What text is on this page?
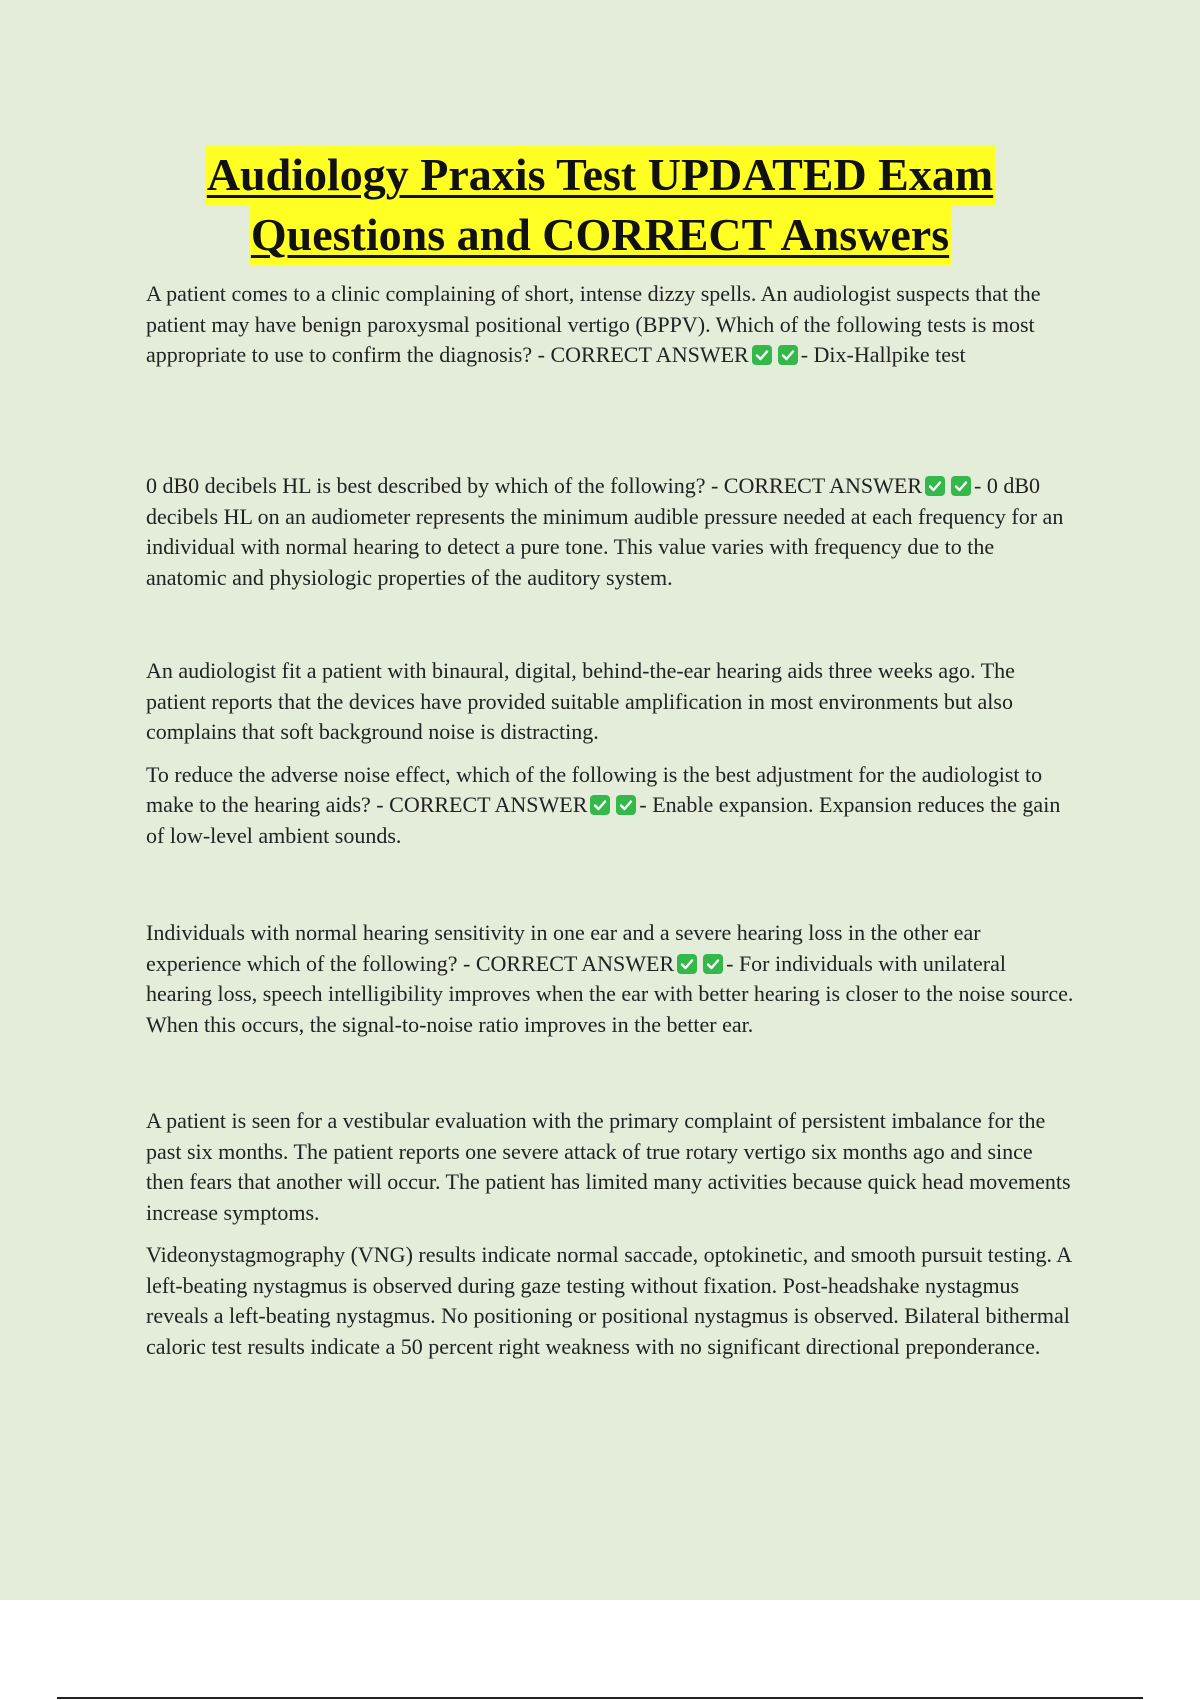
Audiology Praxis Test UPDATED Exam
Questions and CORRECT Answers

A patient comes to a clinic complaining of short, intense dizzy spells. An audiologist suspects that the patient may have benign paroxysmal positional vertigo (BPPV). Which of the following tests is most appropriate to use to confirm the diagnosis? - CORRECT ANSWER - Dix-Hallpike test

0 dB0 decibels HL is best described by which of the following? - CORRECT ANSWER - 0 dB0 decibels HL on an audiometer represents the minimum audible pressure needed at each frequency for an individual with normal hearing to detect a pure tone. This value varies with frequency due to the anatomic and physiologic properties of the auditory system.

An audiologist fit a patient with binaural, digital, behind-the-ear hearing aids three weeks ago. The patient reports that the devices have provided suitable amplification in most environments but also complains that soft background noise is distracting.

To reduce the adverse noise effect, which of the following is the best adjustment for the audiologist to make to the hearing aids? - CORRECT ANSWER - Enable expansion. Expansion reduces the gain of low-level ambient sounds.

Individuals with normal hearing sensitivity in one ear and a severe hearing loss in the other ear experience which of the following? - CORRECT ANSWER - For individuals with unilateral hearing loss, speech intelligibility improves when the ear with better hearing is closer to the noise source. When this occurs, the signal-to-noise ratio improves in the better ear.

A patient is seen for a vestibular evaluation with the primary complaint of persistent imbalance for the past six months. The patient reports one severe attack of true rotary vertigo six months ago and since then fears that another will occur. The patient has limited many activities because quick head movements increase symptoms.

Videonystagmography (VNG) results indicate normal saccade, optokinetic, and smooth pursuit testing. A left-beating nystagmus is observed during gaze testing without fixation. Post-headshake nystagmus reveals a left-beating nystagmus. No positioning or positional nystagmus is observed. Bilateral bithermal caloric test results indicate a 50 percent right weakness with no significant directional preponderance.
